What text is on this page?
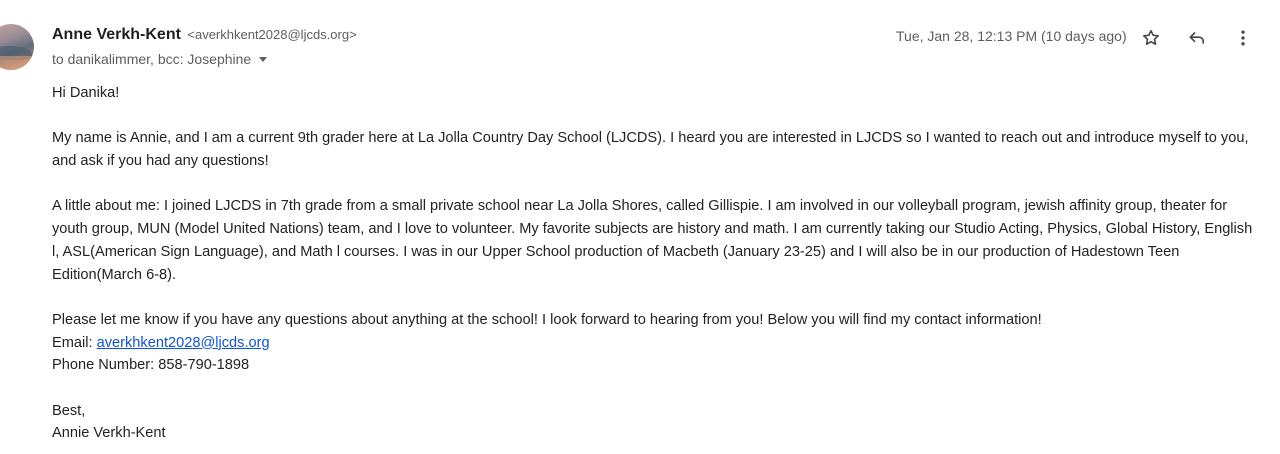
Anne Verkh-Kent <averkhkent2028@ljcds.org>
to danikalimmer, bcc: Josephine
Tue, Jan 28, 12:13 PM (10 days ago)

Hi Danika!

My name is Annie, and I am a current 9th grader here at La Jolla Country Day School (LJCDS). I heard you are interested in LJCDS so I wanted to reach out and introduce myself to you, and ask if you had any questions!

A little about me: I joined LJCDS in 7th grade from a small private school near La Jolla Shores, called Gillispie. I am involved in our volleyball program, jewish affinity group, theater for youth group, MUN (Model United Nations) team, and I love to volunteer. My favorite subjects are history and math. I am currently taking our Studio Acting, Physics, Global History, English l, ASL(American Sign Language), and Math l courses. I was in our Upper School production of Macbeth (January 23-25) and I will also be in our production of Hadestown Teen Edition(March 6-8).

Please let me know if you have any questions about anything at the school! I look forward to hearing from you! Below you will find my contact information!
Email: averkhkent2028@ljcds.org

Phone Number: 858-790-1898

Best,
Annie Verkh-Kent
